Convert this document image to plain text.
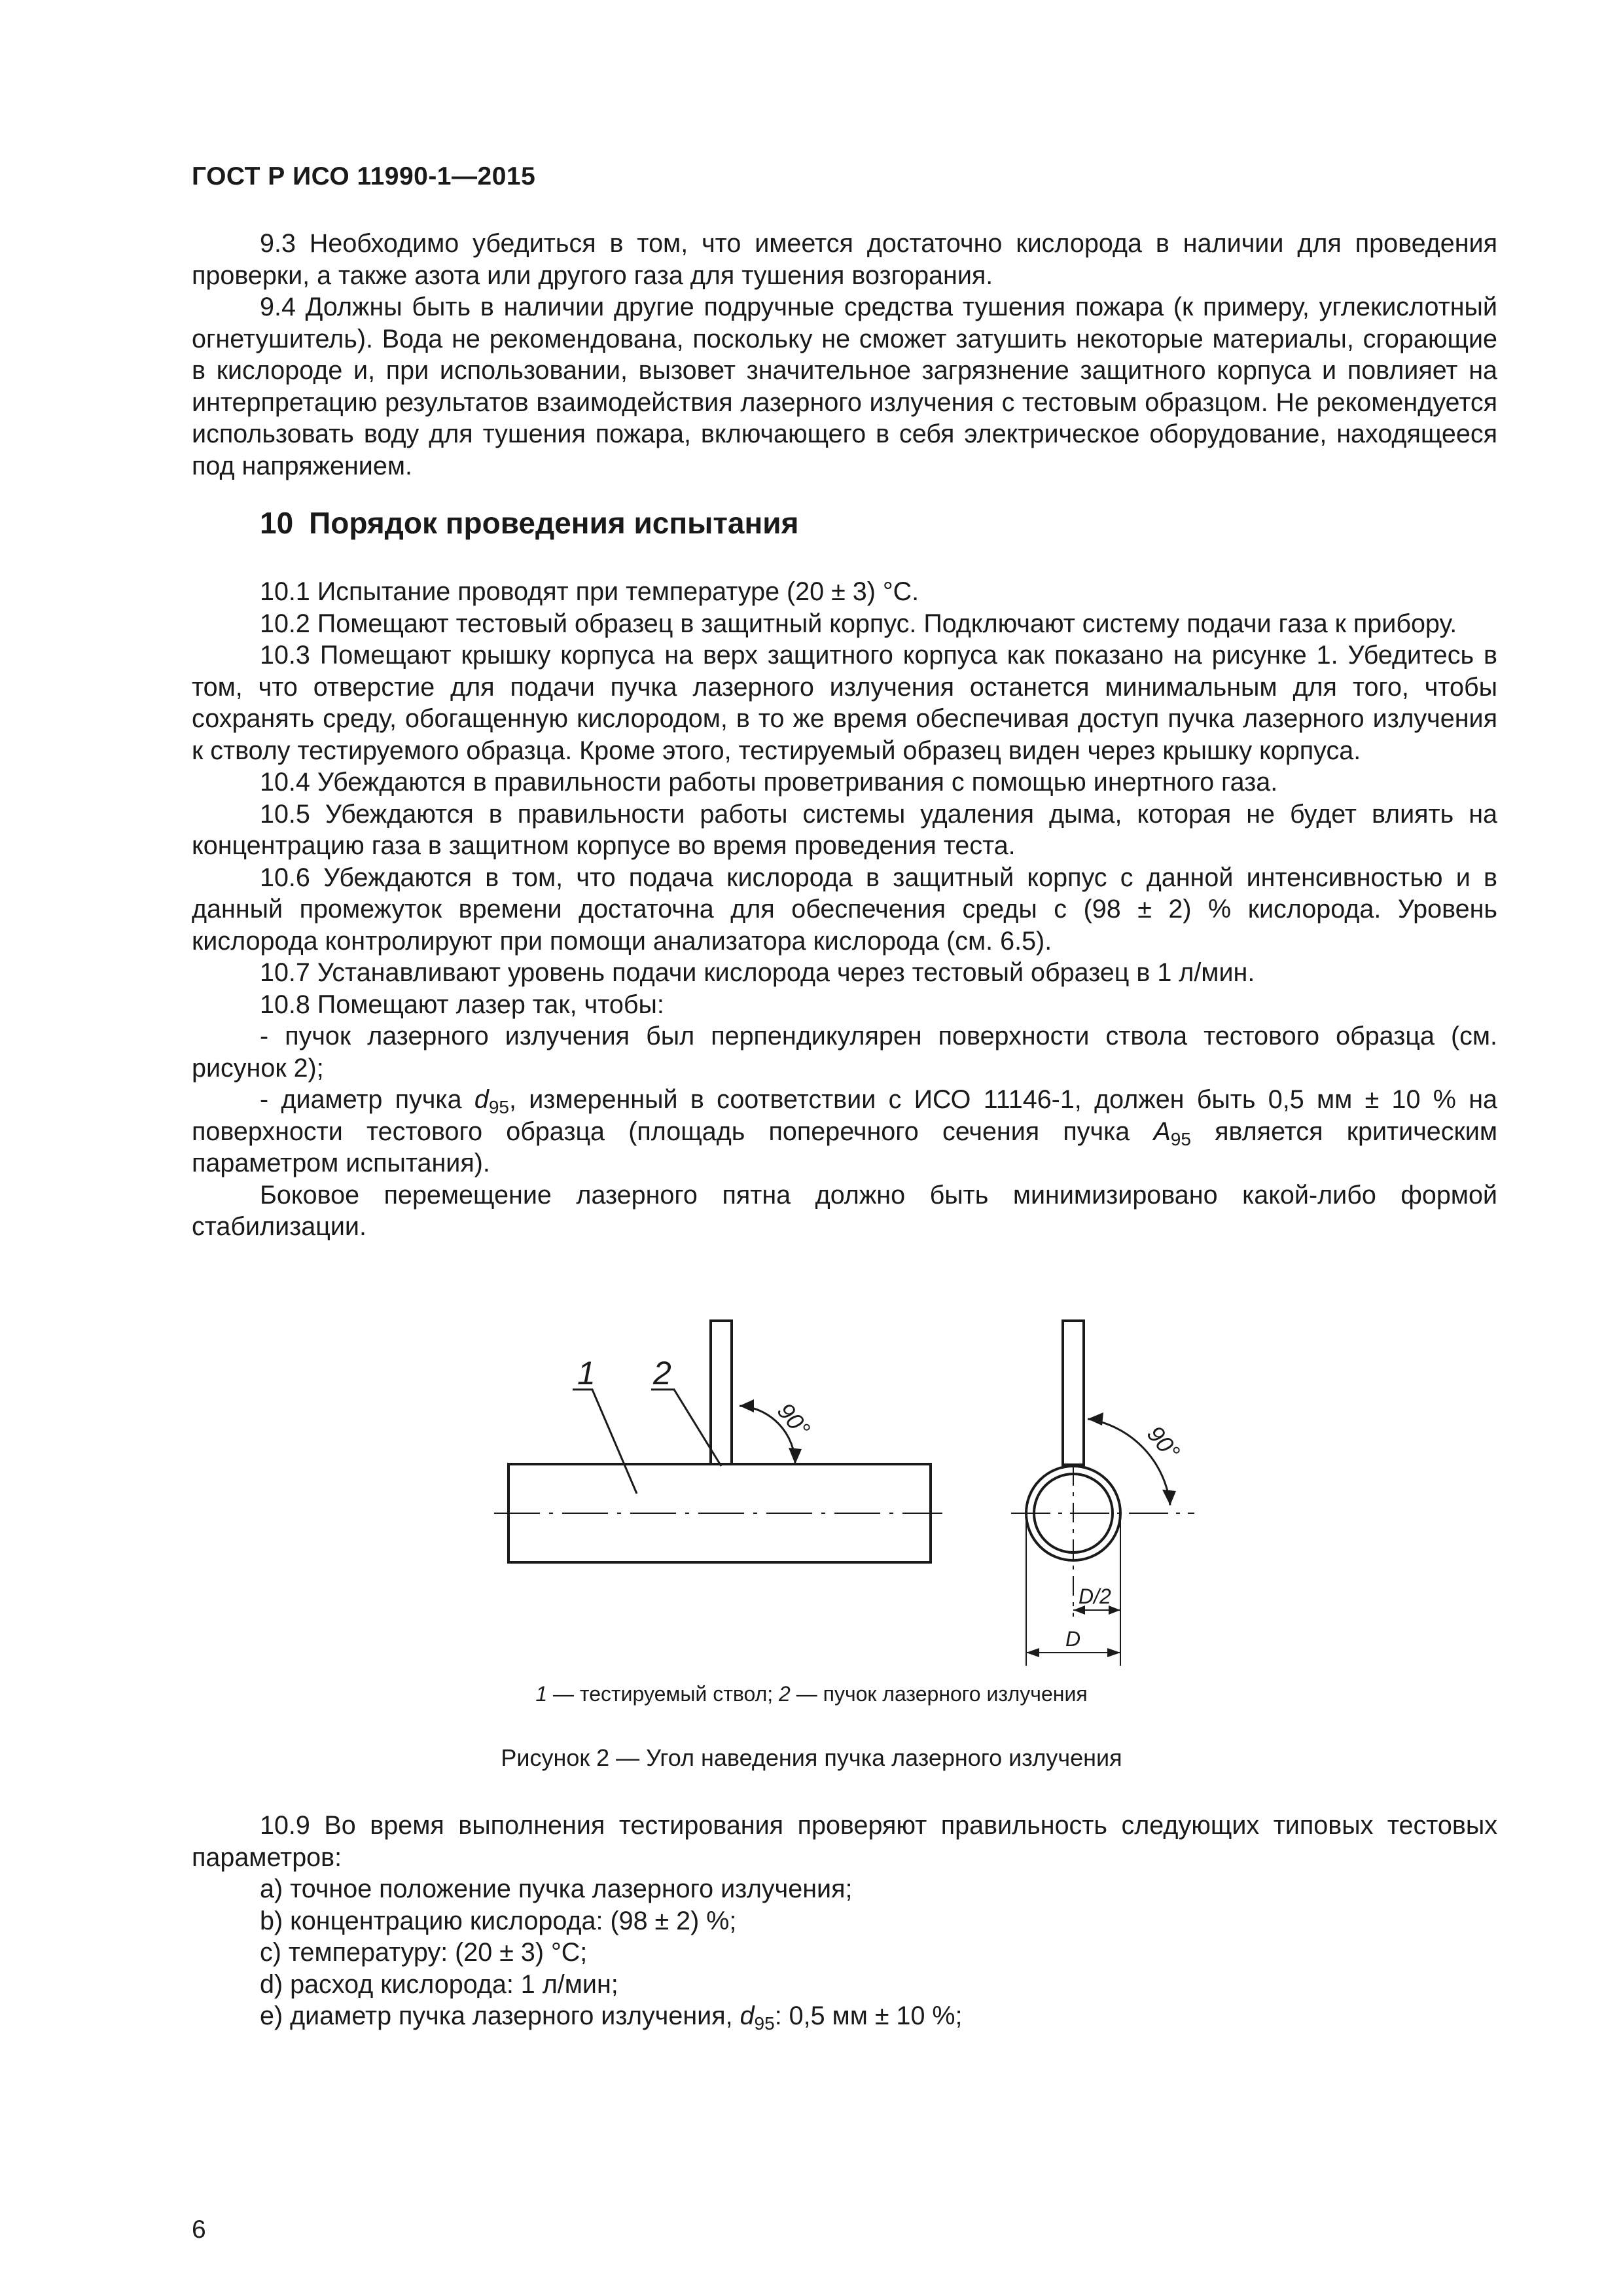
ГОСТ Р ИСО 11990-1—2015

9.3 Необходимо убедиться в том, что имеется достаточно кислорода в наличии для проведения проверки, а также азота или другого газа для тушения возгорания.

9.4 Должны быть в наличии другие подручные средства тушения пожара (к примеру, углекислотный огнетушитель). Вода не рекомендована, поскольку не сможет затушить некоторые материалы, сгорающие в кислороде и, при использовании, вызовет значительное загрязнение защитного корпуса и повлияет на интерпретацию результатов взаимодействия лазерного излучения с тестовым образцом. Не рекомендуется использовать воду для тушения пожара, включающего в себя электрическое оборудование, находящееся под напряжением.

10 Порядок проведения испытания

10.1 Испытание проводят при температуре (20 ± 3) °C.

10.2 Помещают тестовый образец в защитный корпус. Подключают систему подачи газа к прибору.

10.3 Помещают крышку корпуса на верх защитного корпуса как показано на рисунке 1. Убедитесь в том, что отверстие для подачи пучка лазерного излучения останется минимальным для того, чтобы сохранять среду, обогащенную кислородом, в то же время обеспечивая доступ пучка лазерного излучения к стволу тестируемого образца. Кроме этого, тестируемый образец виден через крышку корпуса.

10.4 Убеждаются в правильности работы проветривания с помощью инертного газа.

10.5 Убеждаются в правильности работы системы удаления дыма, которая не будет влиять на концентрацию газа в защитном корпусе во время проведения теста.

10.6 Убеждаются в том, что подача кислорода в защитный корпус с данной интенсивностью и в данный промежуток времени достаточна для обеспечения среды с (98 ± 2) % кислорода. Уровень кислорода контролируют при помощи анализатора кислорода (см. 6.5).

10.7 Устанавливают уровень подачи кислорода через тестовый образец в 1 л/мин.

10.8 Помещают лазер так, чтобы:

- пучок лазерного излучения был перпендикулярен поверхности ствола тестового образца (см. рисунок 2);

- диаметр пучка $d_{95}$, измеренный в соответствии с ИСО 11146-1, должен быть 0,5 мм ± 10 % на поверхности тестового образца (площадь поперечного сечения пучка $A_{95}$ является критическим параметром испытания).

Боковое перемещение лазерного пятна должно быть минимизировано какой-либо формой стабилизации.

1 2
90°
90°
D/2
D
1 — тестируемый ствол; 2 — пучок лазерного излучения
Рисунок 2 — Угол наведения пучка лазерного излучения

10.9 Во время выполнения тестирования проверяют правильность следующих типовых тестовых параметров:

a) точное положение пучка лазерного излучения;

b) концентрацию кислорода: (98 ± 2) %;

c) температуру: (20 ± 3) °C;

d) расход кислорода: 1 л/мин;

e) диаметр пучка лазерного излучения, $d_{95}$: 0,5 мм ± 10 %;

6
